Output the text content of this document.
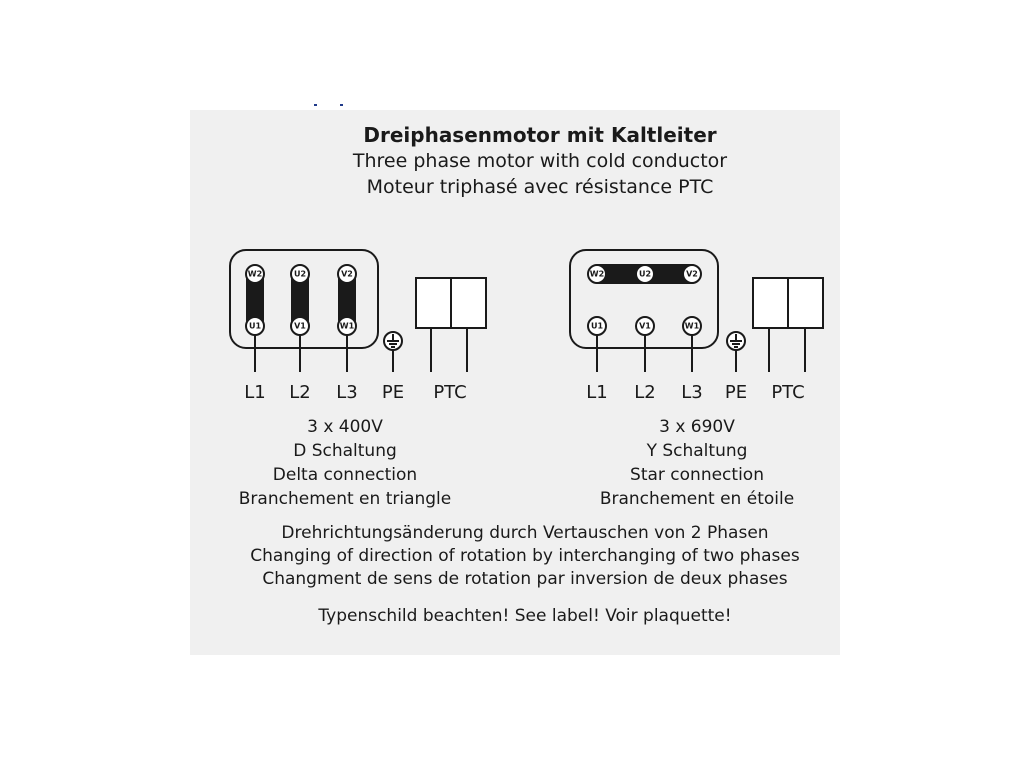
Dreiphasenmotor mit Kaltleiter
Three phase motor with cold conductor
Moteur triphasé avec résistance PTC
W2	U2	V2
U1	V1	W1
W2	U2	V2
U1	V1	W1
L1 L2 L3 PE PTC	L1 L2 L3 PE PTC
3 x 400V
D Schaltung
Delta connection
Branchement en triangle
3 x 690V
Y Schaltung
Star connection
Branchement en étoile
Drehrichtungsänderung durch Vertauschen von 2 Phasen
Changing of direction of rotation by interchanging of two phases
Changment de sens de rotation par inversion de deux phases
Typenschild beachten! See label! Voir plaquette!
